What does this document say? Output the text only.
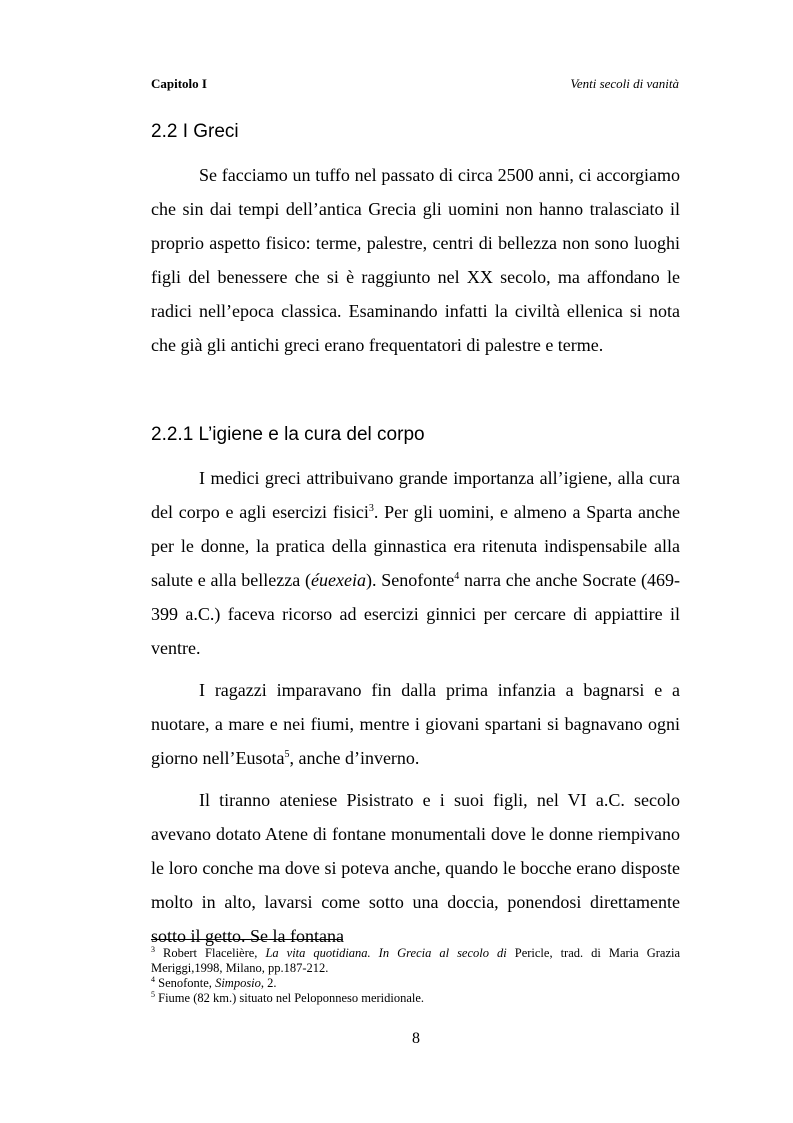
Capitolo I	Venti secoli di vanità
2.2 I Greci

Se facciamo un tuffo nel passato di circa 2500 anni, ci accorgiamo che sin dai tempi dell’antica Grecia gli uomini non hanno tralasciato il proprio aspetto fisico: terme, palestre, centri di bellezza non sono luoghi figli del benessere che si è raggiunto nel XX secolo, ma affondano le radici nell’epoca classica. Esaminando infatti la civiltà ellenica si nota che già gli antichi greci erano frequentatori di palestre e terme.

2.2.1 L’igiene e la cura del corpo

I medici greci attribuivano grande importanza all’igiene, alla cura del corpo e agli esercizi fisici$^3$. Per gli uomini, e almeno a Sparta anche per le donne, la pratica della ginnastica era ritenuta indispensabile alla salute e alla bellezza (éuexeia). Senofonte$^4$ narra che anche Socrate (469-399 a.C.) faceva ricorso ad esercizi ginnici per cercare di appiattire il ventre.

I ragazzi imparavano fin dalla prima infanzia a bagnarsi e a nuotare, a mare e nei fiumi, mentre i giovani spartani si bagnavano ogni giorno nell’Eusota$^5$, anche d’inverno.

Il tiranno ateniese Pisistrato e i suoi figli, nel VI a.C. secolo avevano dotato Atene di fontane monumentali dove le donne riempivano le loro conche ma dove si poteva anche, quando le bocche erano disposte molto in alto, lavarsi come sotto una doccia, ponendosi direttamente sotto il getto. Se la fontana

$^3$ Robert Flacelière, La vita quotidiana. In Grecia al secolo di Pericle, trad. di Maria Grazia Meriggi,1998, Milano, pp.187-212.

$^4$ Senofonte, Simposio, 2.

$^5$ Fiume (82 km.) situato nel Peloponneso meridionale.

8
